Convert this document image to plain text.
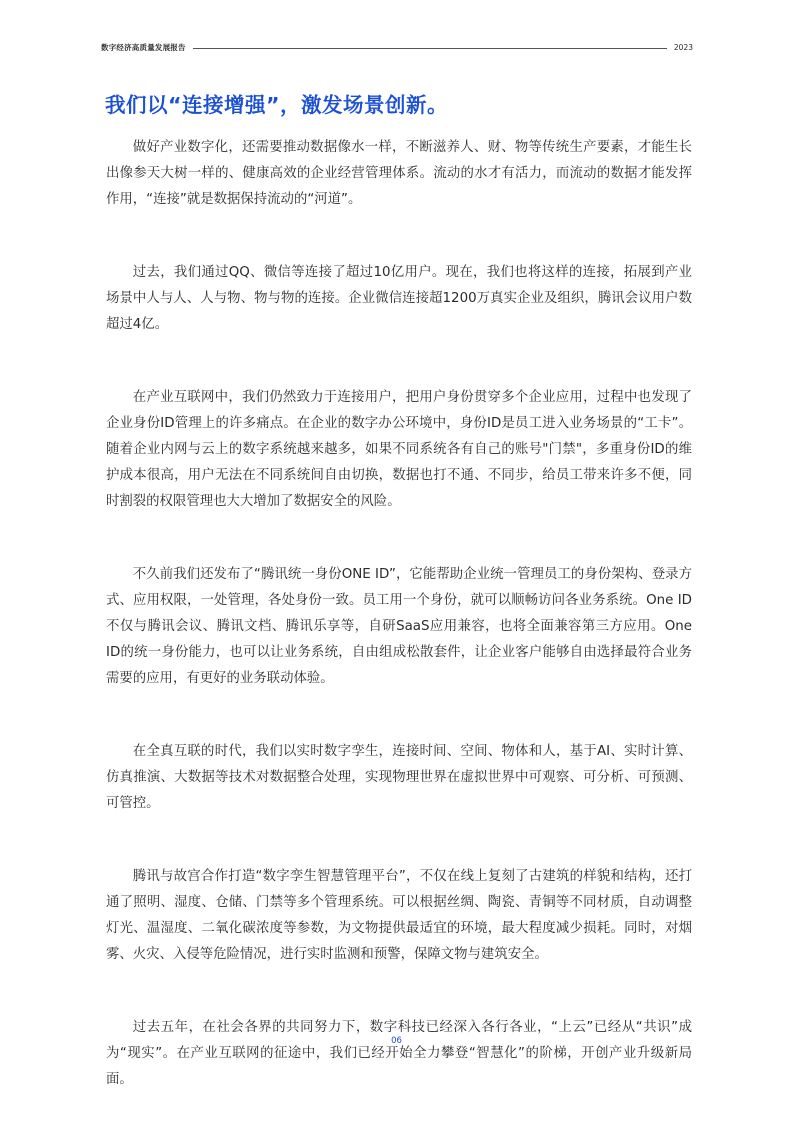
数字经济高质量发展报告	2023
我们以“连接增强”，激发场景创新。

做好产业数字化，还需要推动数据像水一样，不断滋养人、财、物等传统生产要素，才能生长出像参天大树一样的、健康高效的企业经营管理体系。流动的水才有活力，而流动的数据才能发挥作用，“连接”就是数据保持流动的“河道”。

过去，我们通过QQ、微信等连接了超过10亿用户。现在，我们也将这样的连接，拓展到产业场景中人与人、人与物、物与物的连接。企业微信连接超1200万真实企业及组织，腾讯会议用户数超过4亿。

在产业互联网中，我们仍然致力于连接用户，把用户身份贯穿多个企业应用，过程中也发现了企业身份ID管理上的许多痛点。在企业的数字办公环境中，身份ID是员工进入业务场景的“工卡”。随着企业内网与云上的数字系统越来越多，如果不同系统各有自己的账号"门禁"，多重身份ID的维护成本很高，用户无法在不同系统间自由切换，数据也打不通、不同步，给员工带来许多不便，同时割裂的权限管理也大大增加了数据安全的风险。

不久前我们还发布了“腾讯统一身份ONE ID”，它能帮助企业统一管理员工的身份架构、登录方式、应用权限，一处管理，各处身份一致。员工用一个身份，就可以顺畅访问各业务系统。One ID不仅与腾讯会议、腾讯文档、腾讯乐享等，自研SaaS应用兼容，也将全面兼容第三方应用。One ID的统一身份能力，也可以让业务系统，自由组成松散套件，让企业客户能够自由选择最符合业务需要的应用，有更好的业务联动体验。

在全真互联的时代，我们以实时数字孪生，连接时间、空间、物体和人，基于AI、实时计算、仿真推演、大数据等技术对数据整合处理，实现物理世界在虚拟世界中可观察、可分析、可预测、可管控。

腾讯与故宫合作打造“数字孪生智慧管理平台”，不仅在线上复刻了古建筑的样貌和结构，还打通了照明、湿度、仓储、门禁等多个管理系统。可以根据丝绸、陶瓷、青铜等不同材质，自动调整灯光、温湿度、二氧化碳浓度等参数，为文物提供最适宜的环境，最大程度减少损耗。同时，对烟雾、火灾、入侵等危险情况，进行实时监测和预警，保障文物与建筑安全。

过去五年，在社会各界的共同努力下，数字科技已经深入各行各业，“上云”已经从“共识”成为“现实”。在产业互联网的征途中，我们已经开始全力攀登“智慧化”的阶梯，开创产业升级新局面。

06
